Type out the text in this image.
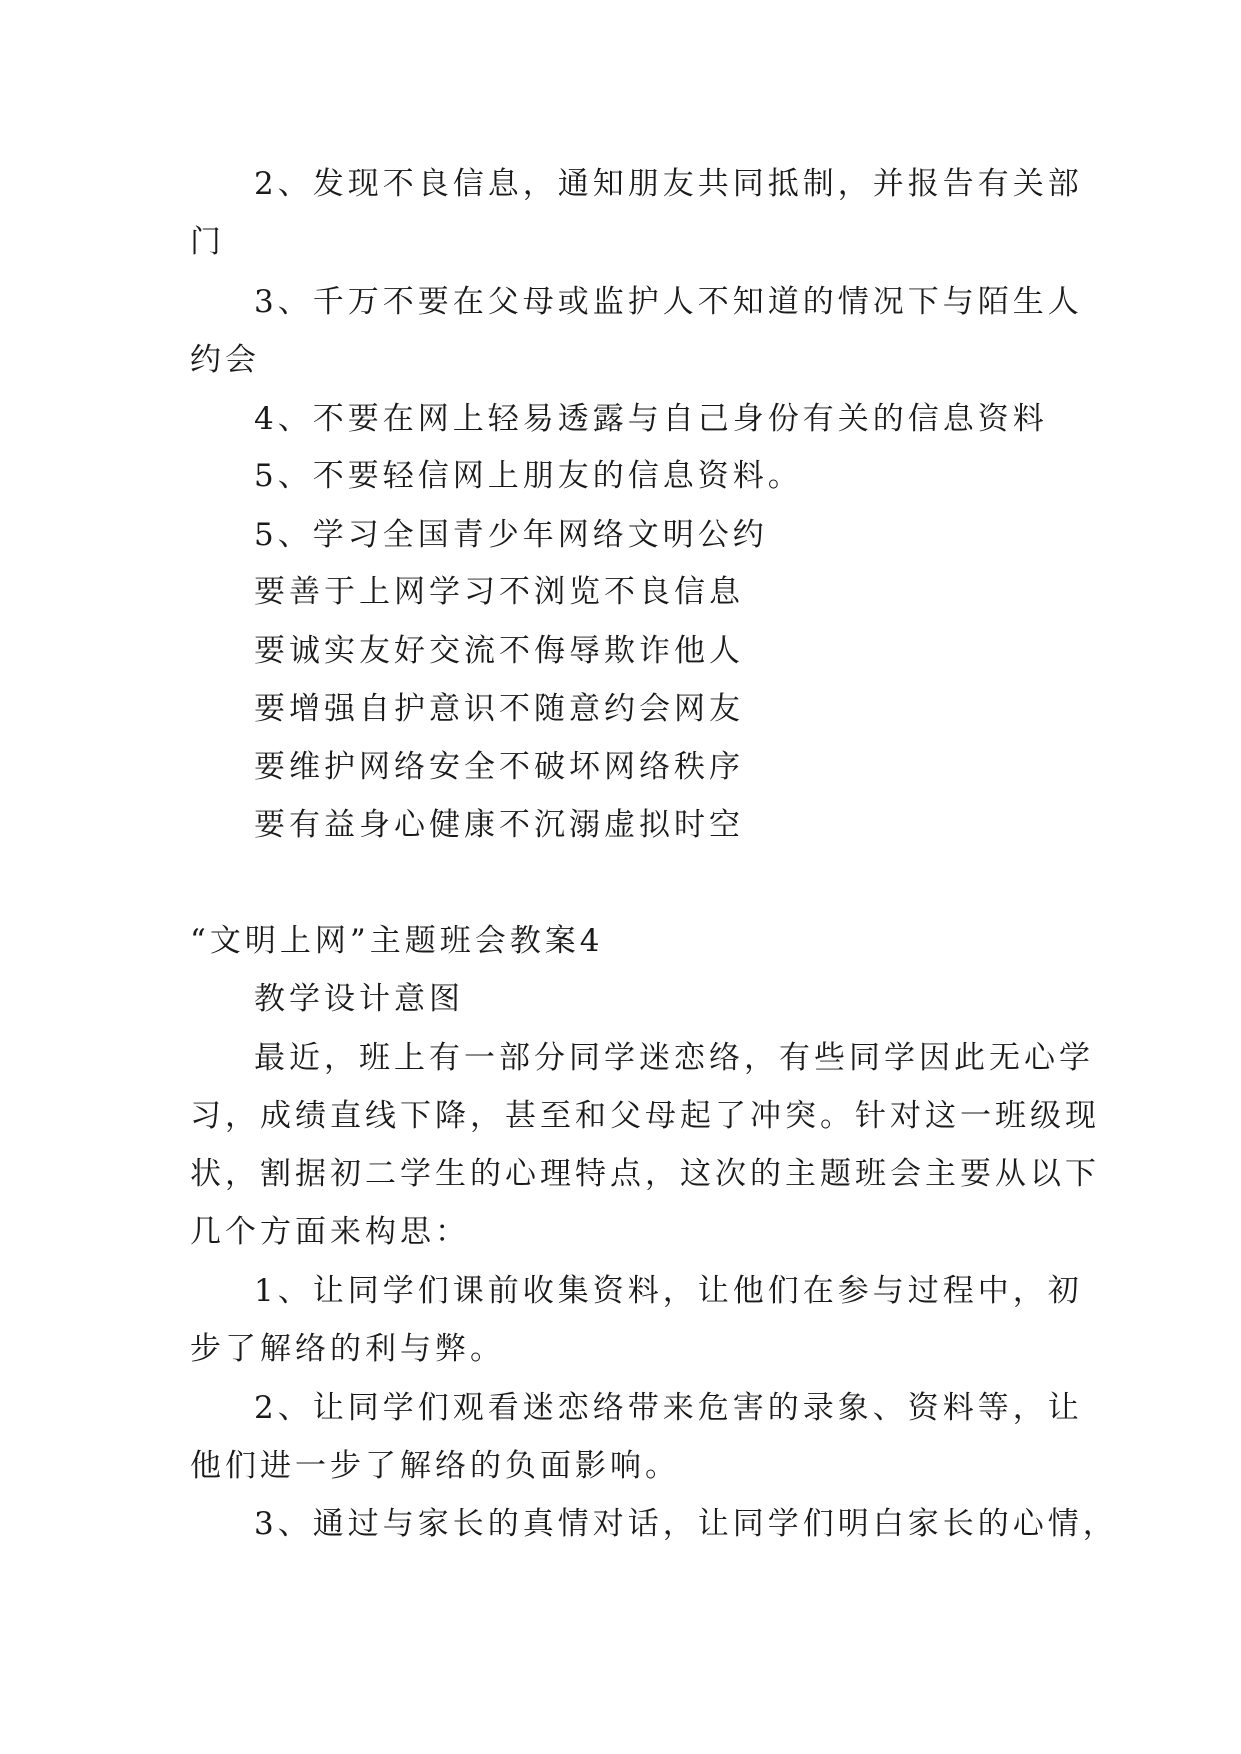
2、发现不良信息，通知朋友共同抵制，并报告有关部
门
3、千万不要在父母或监护人不知道的情况下与陌生人
约会
4、不要在网上轻易透露与自己身份有关的信息资料
5、不要轻信网上朋友的信息资料。
5、学习全国青少年网络文明公约
要善于上网学习不浏览不良信息
要诚实友好交流不侮辱欺诈他人
要增强自护意识不随意约会网友
要维护网络安全不破坏网络秩序
要有益身心健康不沉溺虚拟时空
“文明上网”主题班会教案4
教学设计意图
最近，班上有一部分同学迷恋络，有些同学因此无心学
习，成绩直线下降，甚至和父母起了冲突。针对这一班级现
状，割据初二学生的心理特点，这次的主题班会主要从以下
几个方面来构思：
1、让同学们课前收集资料，让他们在参与过程中，初
步了解络的利与弊。
2、让同学们观看迷恋络带来危害的录象、资料等，让
他们进一步了解络的负面影响。
3、通过与家长的真情对话，让同学们明白家长的心情，
